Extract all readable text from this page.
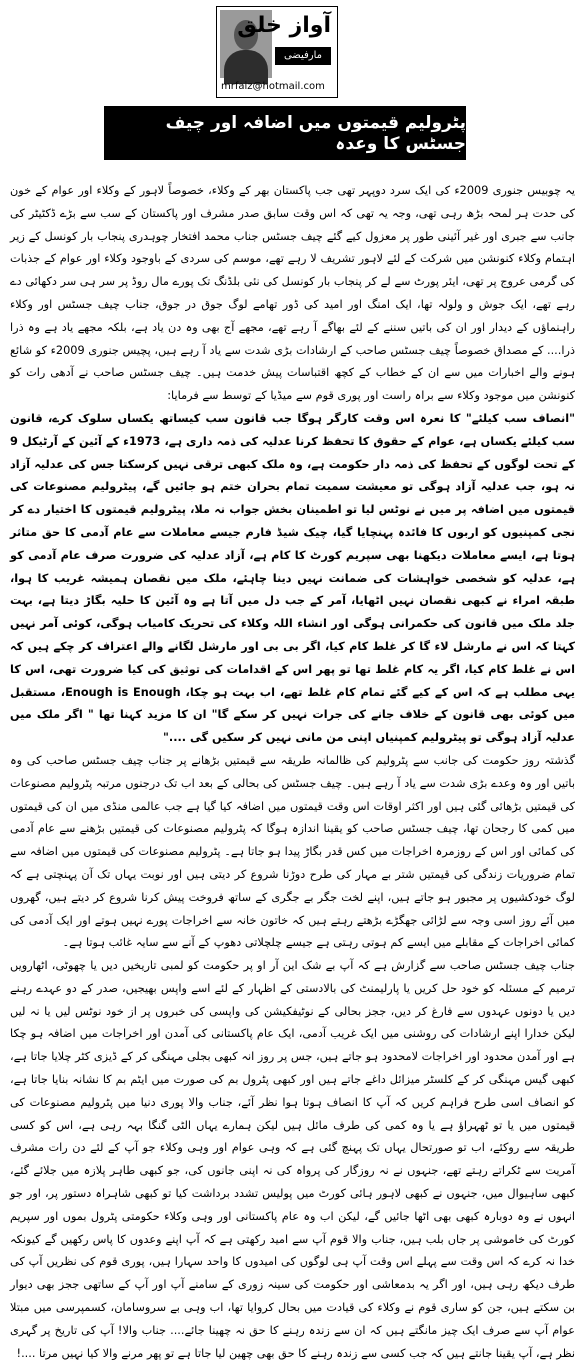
آواز خلق
مارفیضی
mrfaiz@hotmail.com
پٹرولیم قیمتوں میں اضافہ اور چیف جسٹس کا وعدہ

یہ چوبیس جنوری 2009ء کی ایک سرد دوپہر تھی جب پاکستان بھر کے وکلاء، خصوصاً لاہور کے وکلاء اور عوام کے خون کی حدت ہر لمحہ بڑھ رہی تھی، وجہ یہ تھی کہ اس وقت سابق صدر مشرف اور پاکستان کے سب سے بڑے ڈکٹیٹر کی جانب سے جبری اور غیر آئینی طور پر معزول کیے گئے چیف جسٹس جناب محمد افتخار چوہدری پنجاب بار کونسل کے زیر اہتمام وکلاء کنونشن میں شرکت کے لئے لاہور تشریف لا رہے تھے، موسم کی سردی کے باوجود وکلاء اور عوام کے جذبات کی گرمی عروج پر تھی، ایئر پورٹ سے لے کر پنجاب بار کونسل کی نئی بلڈنگ تک پورے مال روڈ پر سر ہی سر دکھائی دے رہے تھے، ایک جوش و ولولہ تھا، ایک امنگ اور امید کی ڈور تھامے لوگ جوق در جوق، جناب چیف جسٹس اور وکلاء راہنماؤں کے دیدار اور ان کی باتیں سننے کے لئے بھاگے آ رہے تھے، مجھے آج بھی وہ دن یاد ہے، بلکہ مجھے یاد ہے وہ ذرا ذرا.... کے مصداق خصوصاً چیف جسٹس صاحب کے ارشادات بڑی شدت سے یاد آ رہے ہیں، پچیس جنوری 2009ء کو شائع ہونے والے اخبارات میں سے ان کے خطاب کے کچھ اقتباسات پیش خدمت ہیں۔ چیف جسٹس صاحب نے آدھی رات کو کنونشن میں موجود وکلاء سے براہ راست اور پوری قوم سے میڈیا کے توسط سے فرمایا:

"انصاف سب کیلئے" کا نعرہ اس وقت کارگر ہوگا جب قانون سب کیساتھ یکساں سلوک کرے، قانون سب کیلئے یکساں ہے، عوام کے حقوق کا تحفظ کرنا عدلیہ کی ذمہ داری ہے، 1973ء کے آئین کے آرٹیکل 9 کے تحت لوگوں کے تحفظ کی ذمہ دار حکومت ہے، وہ ملک کبھی ترقی نہیں کرسکتا جس کی عدلیہ آزاد نہ ہو، جب عدلیہ آزاد ہوگی تو معیشت سمیت تمام بحران ختم ہو جائیں گے، پیٹرولیم مصنوعات کی قیمتوں میں اضافہ پر میں نے نوٹس لیا تو اطمینان بخش جواب نہ ملا، پیٹرولیم قیمتوں کا اختیار دے کر نجی کمپنیوں کو اربوں کا فائدہ پہنچایا گیا، چیک شیڈ فارم جیسے معاملات سے عام آدمی کا حق متاثر ہوتا ہے، ایسے معاملات دیکھنا بھی سپریم کورٹ کا کام ہے، آزاد عدلیہ کی ضرورت صرف عام آدمی کو ہے، عدلیہ کو شخصی خواہشات کی ضمانت نہیں دینا چاہئے، ملک میں نقصان ہمیشہ غریب کا ہوا، طبقہ امراء نے کبھی نقصان نہیں اٹھایا، آمر کے جب دل میں آتا ہے وہ آئین کا حلیہ بگاڑ دیتا ہے، بہت جلد ملک میں قانون کی حکمرانی ہوگی اور انشاء اللہ وکلاء کی تحریک کامیاب ہوگی، کوئی آمر نہیں کہتا کہ اس نے مارشل لاء گا کر غلط کام کیا، اگر بی بی اور مارشل لگانے والے اعتراف کر چکے ہیں کہ اس نے غلط کام کیا، اگر یہ کام غلط تھا تو پھر اس کے اقدامات کی توثیق کی کیا ضرورت تھی، اس کا یہی مطلب ہے کہ اس کے کیے گئے تمام کام غلط تھے، اب بہت ہو چکا، Enough is Enough، مستقبل میں کوئی بھی قانون کے خلاف جانے کی جرات نہیں کر سکے گا" ان کا مزید کہنا تھا " اگر ملک میں عدلیہ آزاد ہوگی تو پیٹرولیم کمپنیاں اپنی من مانی نہیں کر سکیں گی ...."

گذشتہ روز حکومت کی جانب سے پٹرولیم کی ظالمانہ طریقہ سے قیمتیں بڑھانے پر جناب چیف جسٹس صاحب کی وہ باتیں اور وہ وعدے بڑی شدت سے یاد آ رہے ہیں۔ چیف جسٹس کی بحالی کے بعد اب تک درجنوں مرتبہ پٹرولیم مصنوعات کی قیمتیں بڑھائی گئی ہیں اور اکثر اوقات اس وقت قیمتوں میں اضافہ کیا گیا ہے جب عالمی منڈی میں ان کی قیمتوں میں کمی کا رجحان تھا، چیف جسٹس صاحب کو یقینا اندازہ ہوگا کہ پٹرولیم مصنوعات کی قیمتیں بڑھنے سے عام آدمی کی کمائی اور اس کے روزمرہ اخراجات میں کس قدر بگاڑ پیدا ہو جاتا ہے۔ پٹرولیم مصنوعات کی قیمتوں میں اضافہ سے تمام ضروریات زندگی کی قیمتیں شتر بے مہار کی طرح دوڑنا شروع کر دیتی ہیں اور نوبت یہاں تک آن پہنچتی ہے کہ لوگ خودکشیوں پر مجبور ہو جاتے ہیں، اپنے لخت جگر بے جگری کے ساتھ فروخت پیش کرنا شروع کر دیتے ہیں، گھروں میں آئے روز اسی وجہ سے لڑائی جھگڑے بڑھتے رہتے ہیں کہ خاتون خانہ سے اخراجات پورے نہیں ہوتے اور ایک آدمی کی کمائی اخراجات کے مقابلے میں ایسے کم ہوتی رہتی ہے جیسے چلچلاتی دھوپ کے آنے سے سایہ غائب ہوتا ہے۔

جناب چیف جسٹس صاحب سے گزارش ہے کہ آپ بے شک این آر او پر حکومت کو لمبی تاریخیں دیں یا چھوٹی، اٹھارویں ترمیم کے مسئلہ کو خود حل کریں یا پارلیمنٹ کی بالادستی کے اظہار کے لئے اسے واپس بھیجیں، صدر کے دو عہدے رہنے دیں یا دونوں عہدوں سے فارغ کر دیں، ججز بحالی کے نوٹیفکیشن کی واپسی کی خبروں پر از خود نوٹس لیں یا نہ لیں لیکن خدارا اپنے ارشادات کی روشنی میں ایک غریب آدمی، ایک عام پاکستانی کی آمدن اور اخراجات میں اضافہ ہو چکا ہے اور آمدن محدود اور اخراجات لامحدود ہو جاتے ہیں، جس پر روز انہ کبھی بجلی مہنگی کر کے ڈیزی کٹر چلایا جاتا ہے، کبھی گیس مہنگی کر کے کلسٹر میزائل داغے جاتے ہیں اور کبھی پٹرول بم کی صورت میں ایٹم بم کا نشانہ بنایا جاتا ہے، کو انصاف اسی طرح فراہم کریں کہ آپ کا انصاف ہوتا ہوا نظر آئے، جناب والا پوری دنیا میں پٹرولیم مصنوعات کی قیمتوں میں یا تو ٹھہراؤ ہے یا وہ کمی کی طرف مائل ہیں لیکن ہمارے یہاں الٹی گنگا بہہ رہی ہے، اس کو کسی طریقہ سے روکئے، اب تو صورتحال یہاں تک پہنچ گئی ہے کہ وہی عوام اور وہی وکلاء جو آپ کے لئے دن رات مشرف آمریت سے ٹکراتے رہتے تھے، جنہوں نے نہ روزگار کی پرواہ کی نہ اپنی جانوں کی، جو کبھی طاہر پلازہ میں جلائے گئے، کبھی ساہیوال میں، جنہوں نے کبھی لاہور ہائی کورٹ میں پولیس تشدد برداشت کیا تو کبھی شاہراہ دستور پر، اور جو انہوں نے وہ دوبارہ کبھی بھی اٹھا جائیں گے، لیکن اب وہ عام پاکستانی اور وہی وکلاء حکومتی پٹرول بموں اور سپریم کورٹ کی خاموشی پر جاں بلب ہیں، جناب والا قوم آپ سے امید رکھتی ہے کہ آپ اپنے وعدوں کا پاس رکھیں گے کیونکہ خدا نہ کرے کہ اس وقت سے پہلے اس وقت آپ ہی لوگوں کی امیدوں کا واحد سہارا ہیں، پوری قوم کی نظریں آپ کی طرف دیکھ رہی ہیں، اور اگر یہ بدمعاشی اور حکومت کی سینہ زوری کے سامنے آپ اور آپ کے ساتھی ججز بھی دیوار بن سکتے ہیں، جن کو ساری قوم نے وکلاء کی قیادت میں بحال کروایا تھا، اب وہی بے سروسامان، کسمپرسی میں مبتلا عوام آپ سے صرف ایک چیز مانگتے ہیں کہ ان سے زندہ رہنے کا حق نہ چھینا جائے.... جناب والا! آپ کی تاریخ پر گہری نظر ہے، آپ یقینا جانتے ہیں کہ جب کسی سے زندہ رہنے کا حق بھی چھین لیا جاتا ہے تو پھر مرنے والا کیا نہیں مرتا ....!
